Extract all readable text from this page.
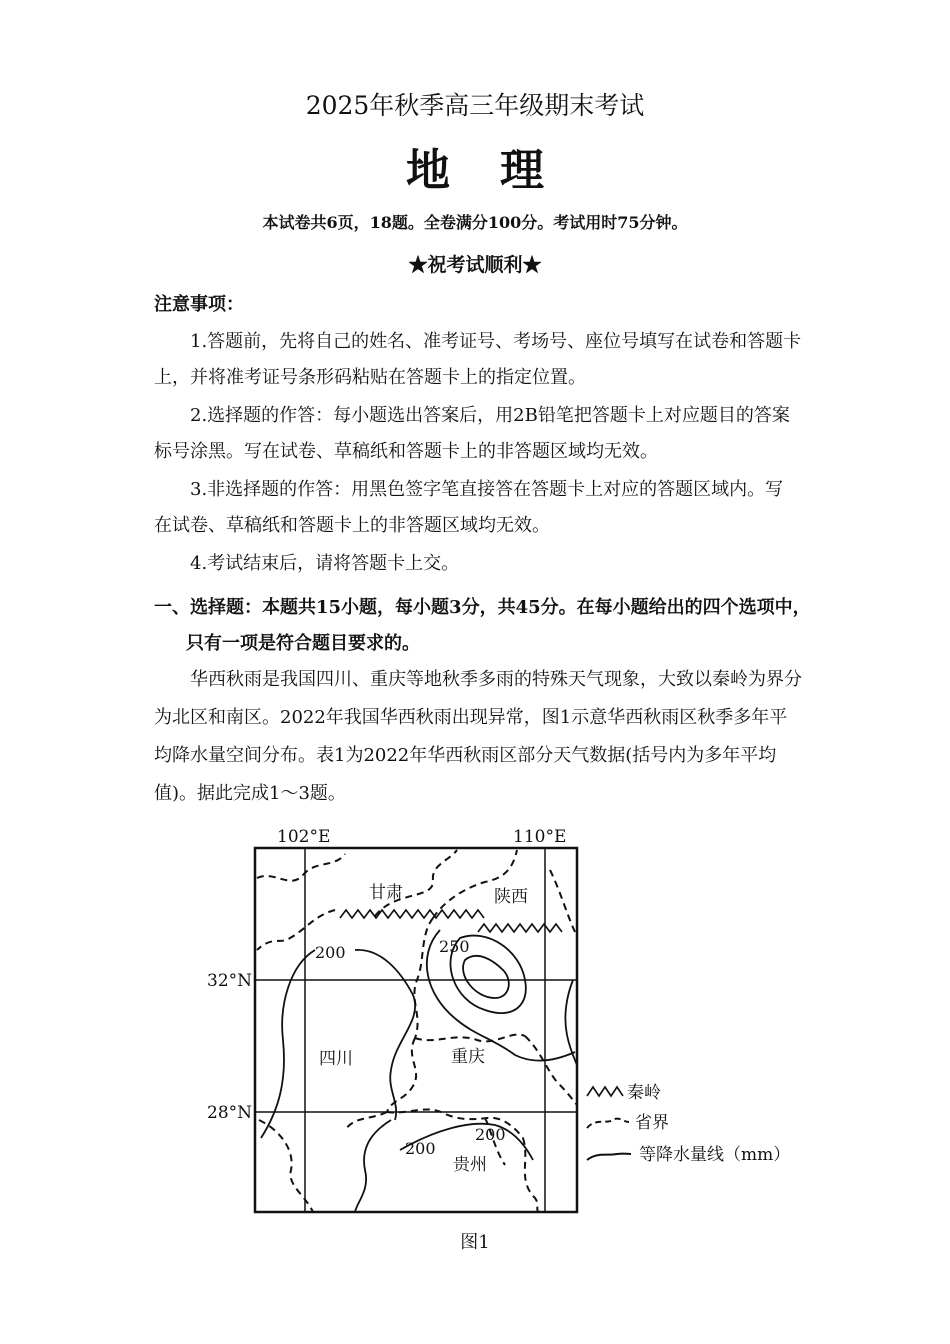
2025年秋季高三年级期末考试
地理
本试卷共6页，18题。全卷满分100分。考试用时75分钟。
★祝考试顺利★
注意事项：
1.答题前，先将自己的姓名、准考证号、考场号、座位号填写在试卷和答题卡
上，并将准考证号条形码粘贴在答题卡上的指定位置。
2.选择题的作答：每小题选出答案后，用2B铅笔把答题卡上对应题目的答案
标号涂黑。写在试卷、草稿纸和答题卡上的非答题区域均无效。
3.非选择题的作答：用黑色签字笔直接答在答题卡上对应的答题区域内。写
在试卷、草稿纸和答题卡上的非答题区域均无效。
4.考试结束后，请将答题卡上交。
一、选择题：本题共15小题，每小题3分，共45分。在每小题给出的四个选项中，
只有一项是符合题目要求的。
华西秋雨是我国四川、重庆等地秋季多雨的特殊天气现象，大致以秦岭为界分
为北区和南区。2022年我国华西秋雨出现异常，图1示意华西秋雨区秋季多年平
均降水量空间分布。表1为2022年华西秋雨区部分天气数据(括号内为多年平均
值)。据此完成1～3题。
102°E	110°E
32°N
28°N
甘肃	陕西
四川	重庆
贵州
200	250
200
200
秦岭
省界
等降水量线（mm）
图1
